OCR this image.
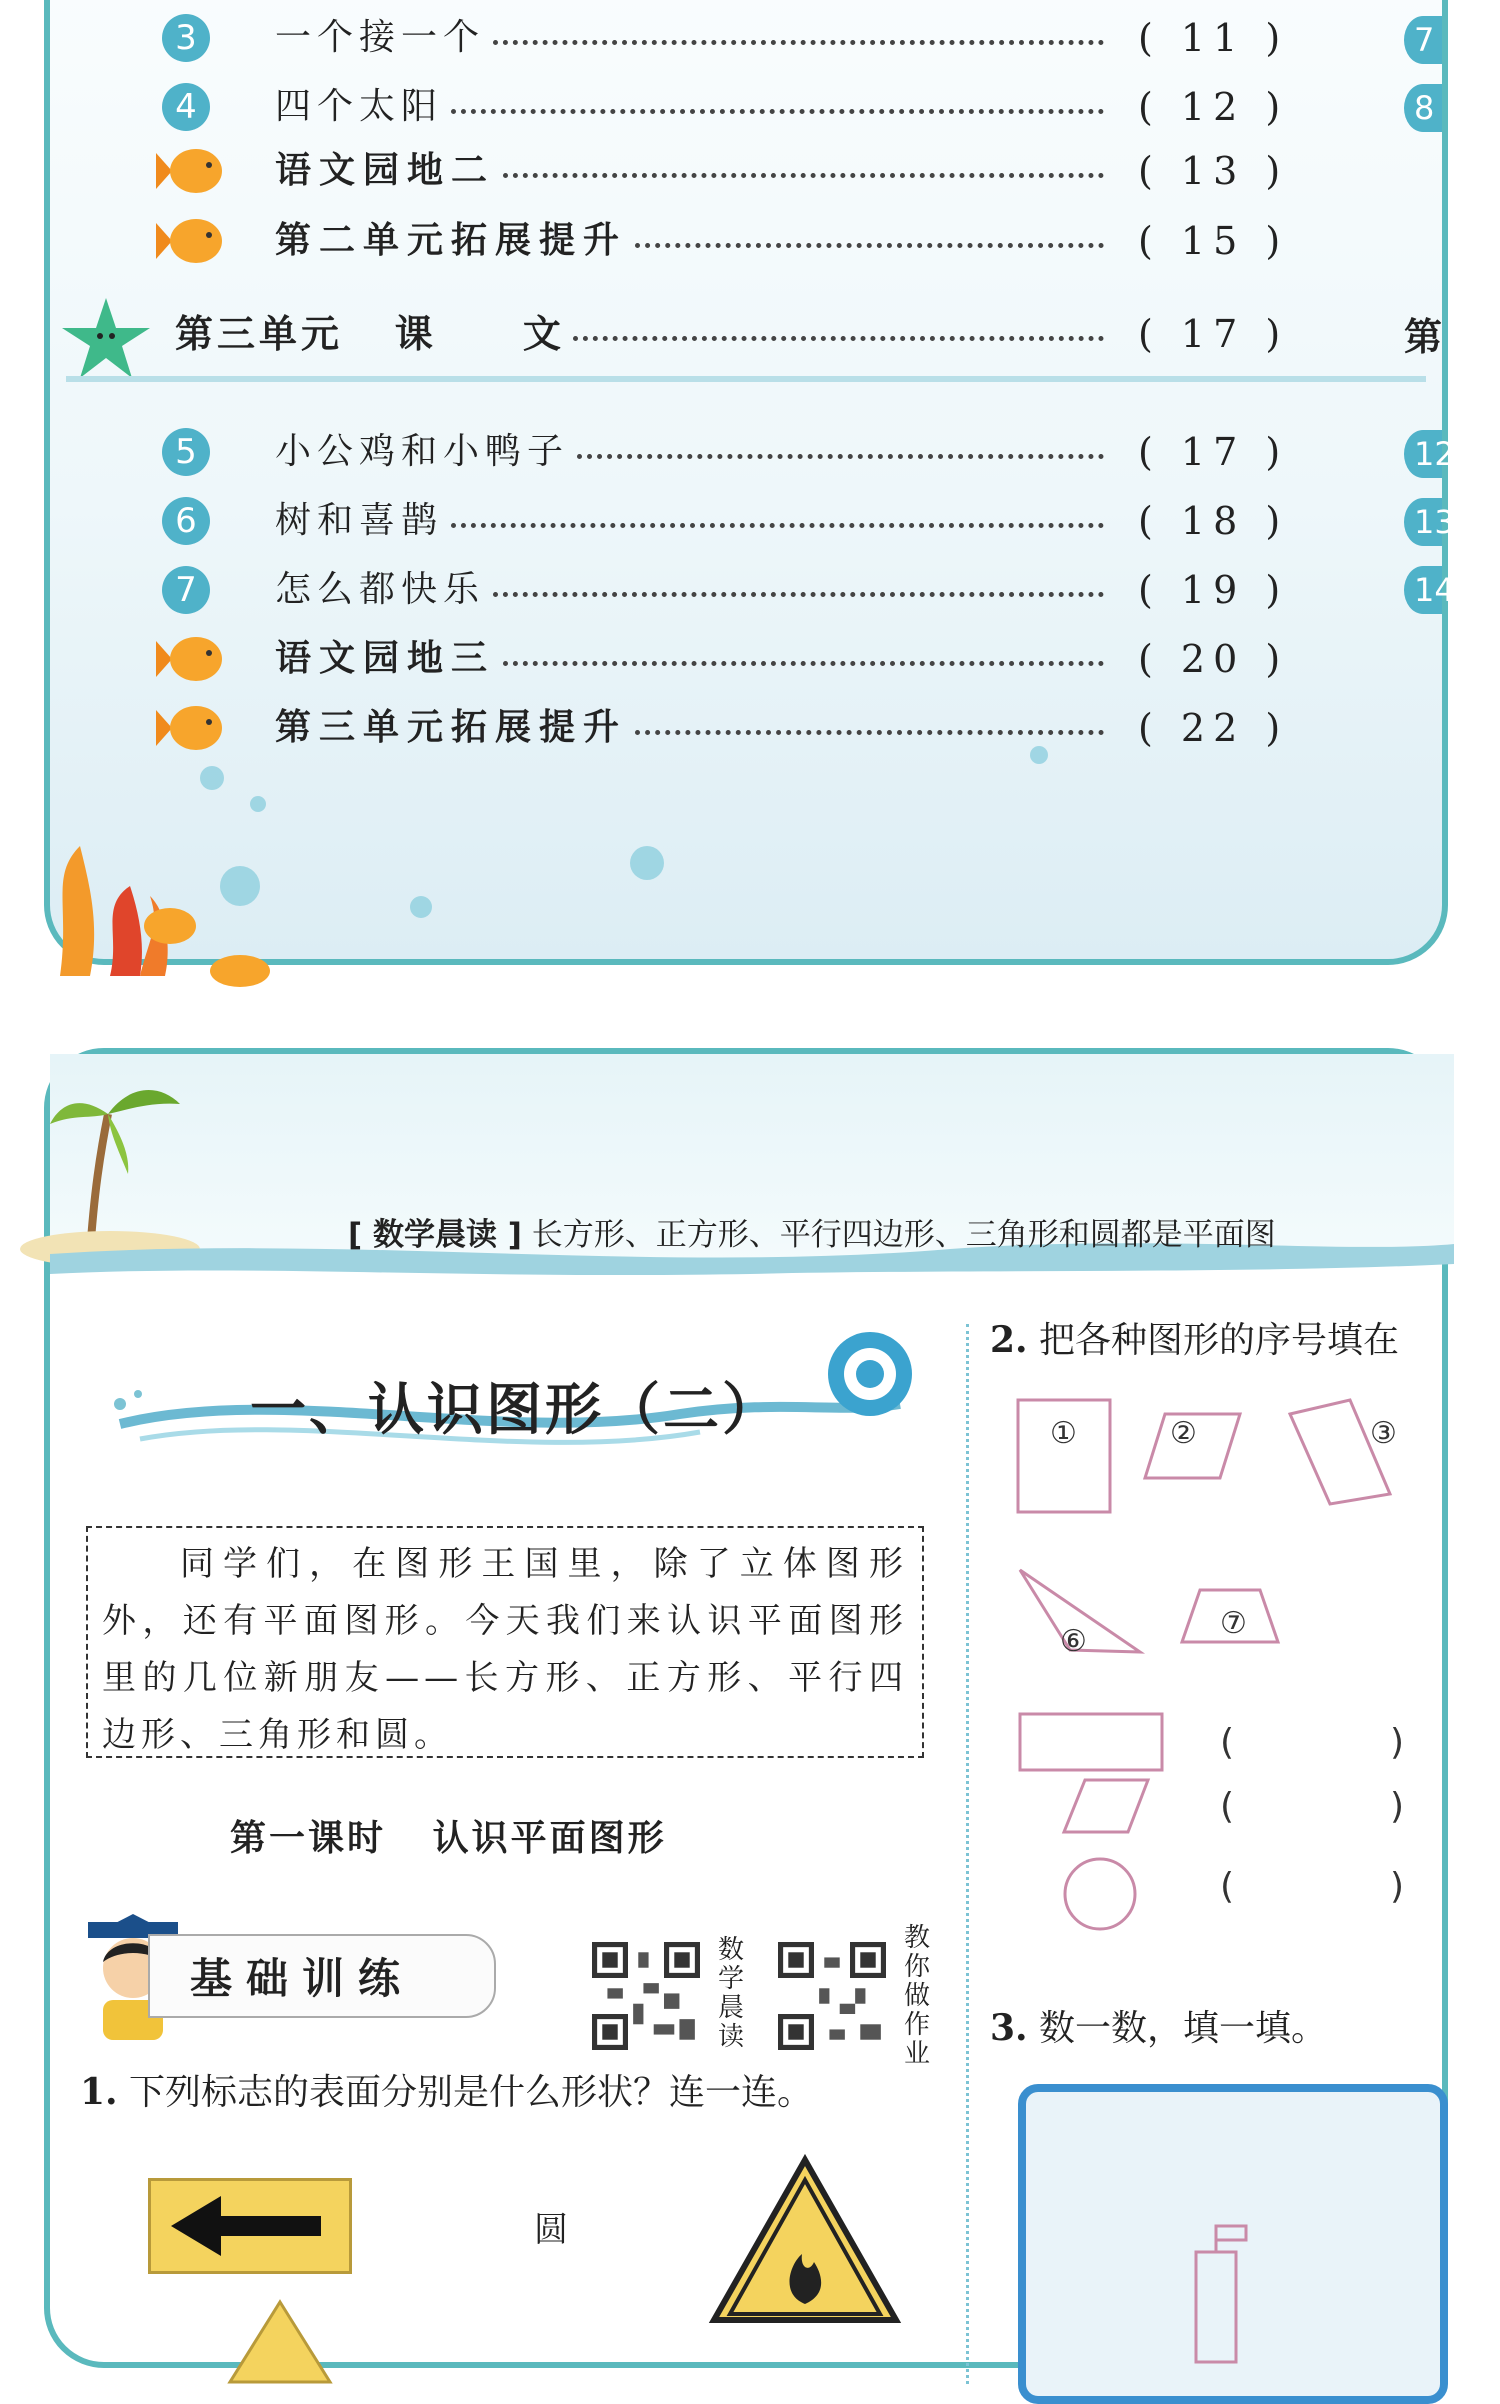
3	一个接一个	( 11 )
4	四个太阳	( 12 )
语文园地二	( 13 )
第二单元拓展提升	( 15 )
第三单元   课     文	( 17 )
5	小公鸡和小鸭子	( 17 )
6	树和喜鹊	( 18 )
7	怎么都快乐	( 19 )
语文园地三	( 20 )
第三单元拓展提升	( 22 )
7
8
12
13
14
第
[ 数学晨读 ] 长方形、正方形、平行四边形、三角形和圆都是平面图
一、认识图形（二）
同学们，在图形王国里，除了立体图形外，还有平面图形。今天我们来认识平面图形里的几位新朋友——长方形、正方形、平行四边形、三角形和圆。
第一课时   认识平面图形
基础训练
数学晨读
教你做作业
1. 下列标志的表面分别是什么形状？连一连。
圆
2. 把各种图形的序号填在
①	②	③
⑥
⑦
(	)
(	)
(	)
3. 数一数，填一填。
